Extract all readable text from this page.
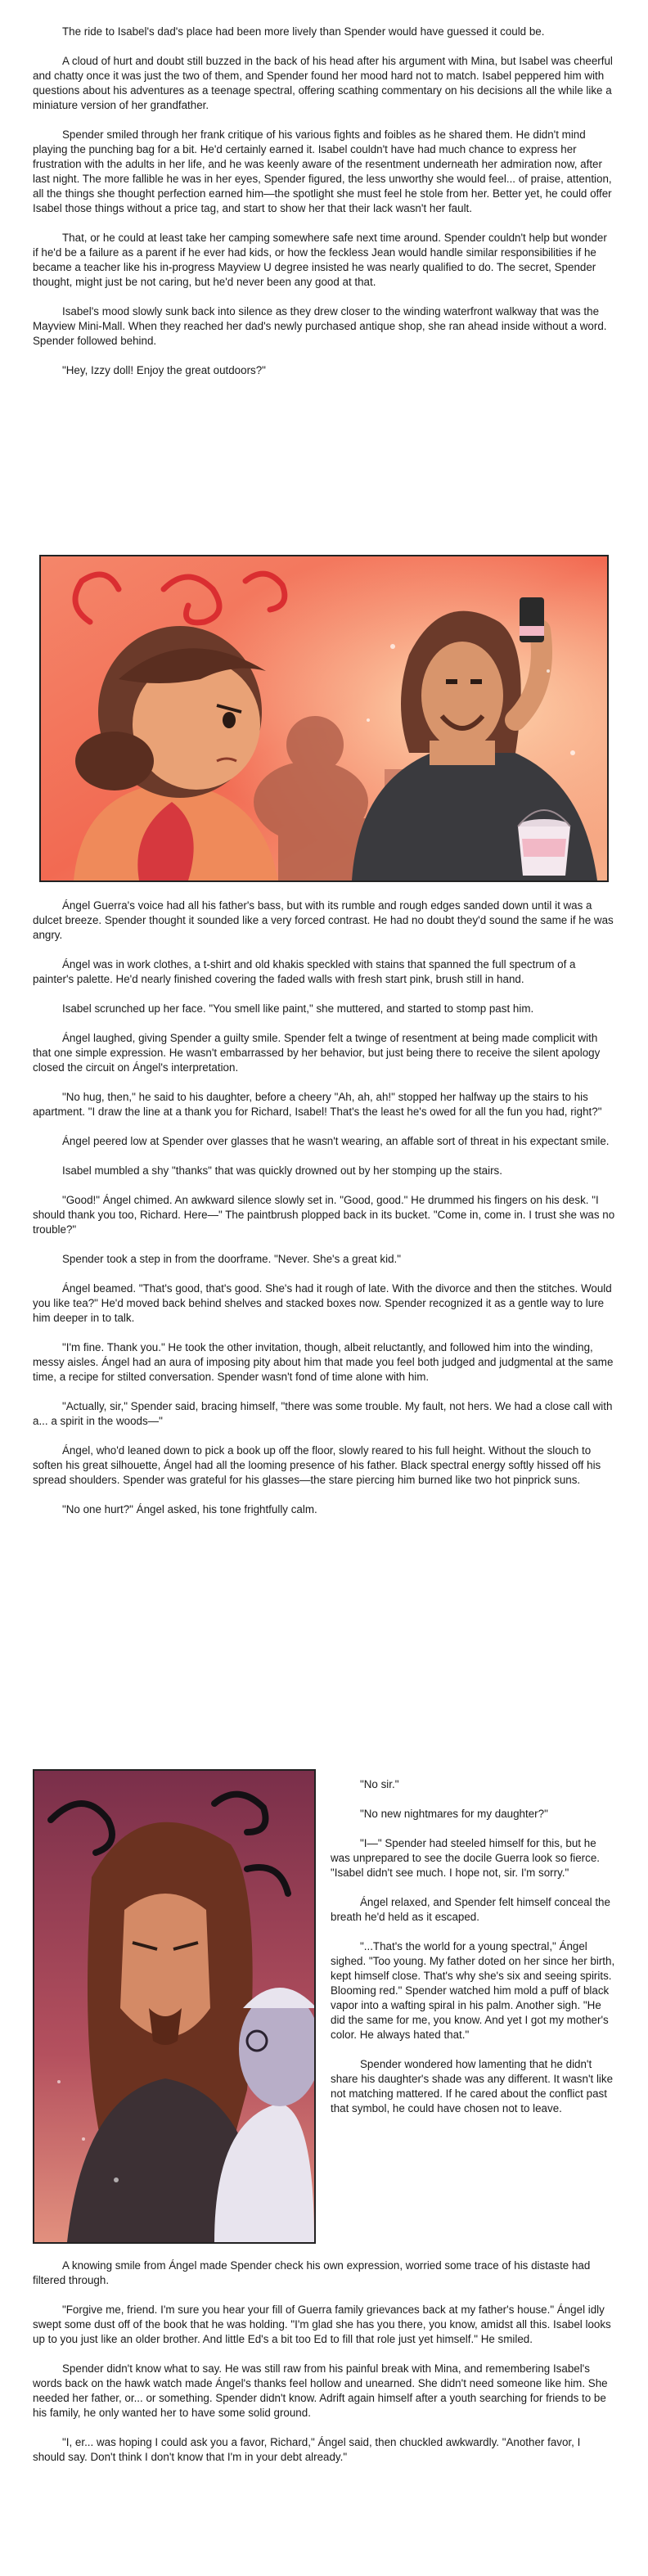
The ride to Isabel's dad's place had been more lively than Spender would have guessed it could be.

A cloud of hurt and doubt still buzzed in the back of his head after his argument with Mina, but Isabel was cheerful and chatty once it was just the two of them, and Spender found her mood hard not to match. Isabel peppered him with questions about his adventures as a teenage spectral, offering scathing commentary on his decisions all the while like a miniature version of her grandfather.

Spender smiled through her frank critique of his various fights and foibles as he shared them. He didn't mind playing the punching bag for a bit. He'd certainly earned it. Isabel couldn't have had much chance to express her frustration with the adults in her life, and he was keenly aware of the resentment underneath her admiration now, after last night. The more fallible he was in her eyes, Spender figured, the less unworthy she would feel... of praise, attention, all the things she thought perfection earned him—the spotlight she must feel he stole from her. Better yet, he could offer Isabel those things without a price tag, and start to show her that their lack wasn't her fault.

That, or he could at least take her camping somewhere safe next time around. Spender couldn't help but wonder if he'd be a failure as a parent if he ever had kids, or how the feckless Jean would handle similar responsibilities if he became a teacher like his in-progress Mayview U degree insisted he was nearly qualified to do. The secret, Spender thought, might just be not caring, but he'd never been any good at that.

Isabel's mood slowly sunk back into silence as they drew closer to the winding waterfront walkway that was the Mayview Mini-Mall. When they reached her dad's newly purchased antique shop, she ran ahead inside without a word. Spender followed behind.

"Hey, Izzy doll! Enjoy the great outdoors?"

Ángel Guerra's voice had all his father's bass, but with its rumble and rough edges sanded down until it was a dulcet breeze. Spender thought it sounded like a very forced contrast. He had no doubt they'd sound the same if he was angry.

Ángel was in work clothes, a t-shirt and old khakis speckled with stains that spanned the full spectrum of a painter's palette. He'd nearly finished covering the faded walls with fresh start pink, brush still in hand.

Isabel scrunched up her face. "You smell like paint," she muttered, and started to stomp past him.

Ángel laughed, giving Spender a guilty smile. Spender felt a twinge of resentment at being made complicit with that one simple expression. He wasn't embarrassed by her behavior, but just being there to receive the silent apology closed the circuit on Ángel's interpretation.

"No hug, then," he said to his daughter, before a cheery "Ah, ah, ah!" stopped her halfway up the stairs to his apartment. "I draw the line at a thank you for Richard, Isabel! That's the least he's owed for all the fun you had, right?"

Ángel peered low at Spender over glasses that he wasn't wearing, an affable sort of threat in his expectant smile.

Isabel mumbled a shy "thanks" that was quickly drowned out by her stomping up the stairs.

"Good!" Ángel chimed. An awkward silence slowly set in. "Good, good." He drummed his fingers on his desk. "I should thank you too, Richard. Here—" The paintbrush plopped back in its bucket. "Come in, come in. I trust she was no trouble?"

Spender took a step in from the doorframe. "Never. She's a great kid."

Ángel beamed. "That's good, that's good. She's had it rough of late. With the divorce and then the stitches. Would you like tea?" He'd moved back behind shelves and stacked boxes now. Spender recognized it as a gentle way to lure him deeper in to talk.

"I'm fine. Thank you." He took the other invitation, though, albeit reluctantly, and followed him into the winding, messy aisles. Ángel had an aura of imposing pity about him that made you feel both judged and judgmental at the same time, a recipe for stilted conversation. Spender wasn't fond of time alone with him.

"Actually, sir," Spender said, bracing himself, "there was some trouble. My fault, not hers. We had a close call with a... a spirit in the woods—"

Ángel, who'd leaned down to pick a book up off the floor, slowly reared to his full height. Without the slouch to soften his great silhouette, Ángel had all the looming presence of his father. Black spectral energy softly hissed off his spread shoulders. Spender was grateful for his glasses—the stare piercing him burned like two hot pinprick suns.

"No one hurt?" Ángel asked, his tone frightfully calm.

"No sir."

"No new nightmares for my daughter?"

"I—" Spender had steeled himself for this, but he was unprepared to see the docile Guerra look so fierce. "Isabel didn't see much. I hope not, sir. I'm sorry."

Ángel relaxed, and Spender felt himself conceal the breath he'd held as it escaped.

"...That's the world for a young spectral," Ángel sighed. "Too young. My father doted on her since her birth, kept himself close. That's why she's six and seeing spirits. Blooming red." Spender watched him mold a puff of black vapor into a wafting spiral in his palm. Another sigh. "He did the same for me, you know. And yet I got my mother's color. He always hated that."

Spender wondered how lamenting that he didn't share his daughter's shade was any different. It wasn't like not matching mattered. If he cared about the conflict past that symbol, he could have chosen not to leave.

A knowing smile from Ángel made Spender check his own expression, worried some trace of his distaste had filtered through.

"Forgive me, friend. I'm sure you hear your fill of Guerra family grievances back at my father's house." Ángel idly swept some dust off of the book that he was holding. "I'm glad she has you there, you know, amidst all this. Isabel looks up to you just like an older brother. And little Ed's a bit too Ed to fill that role just yet himself." He smiled.

Spender didn't know what to say. He was still raw from his painful break with Mina, and remembering Isabel's words back on the hawk watch made Ángel's thanks feel hollow and unearned. She didn't need someone like him. She needed her father, or... or something. Spender didn't know. Adrift again himself after a youth searching for friends to be his family, he only wanted her to have some solid ground.

"I, er... was hoping I could ask you a favor, Richard," Ángel said, then chuckled awkwardly. "Another favor, I should say. Don't think I don't know that I'm in your debt already."
